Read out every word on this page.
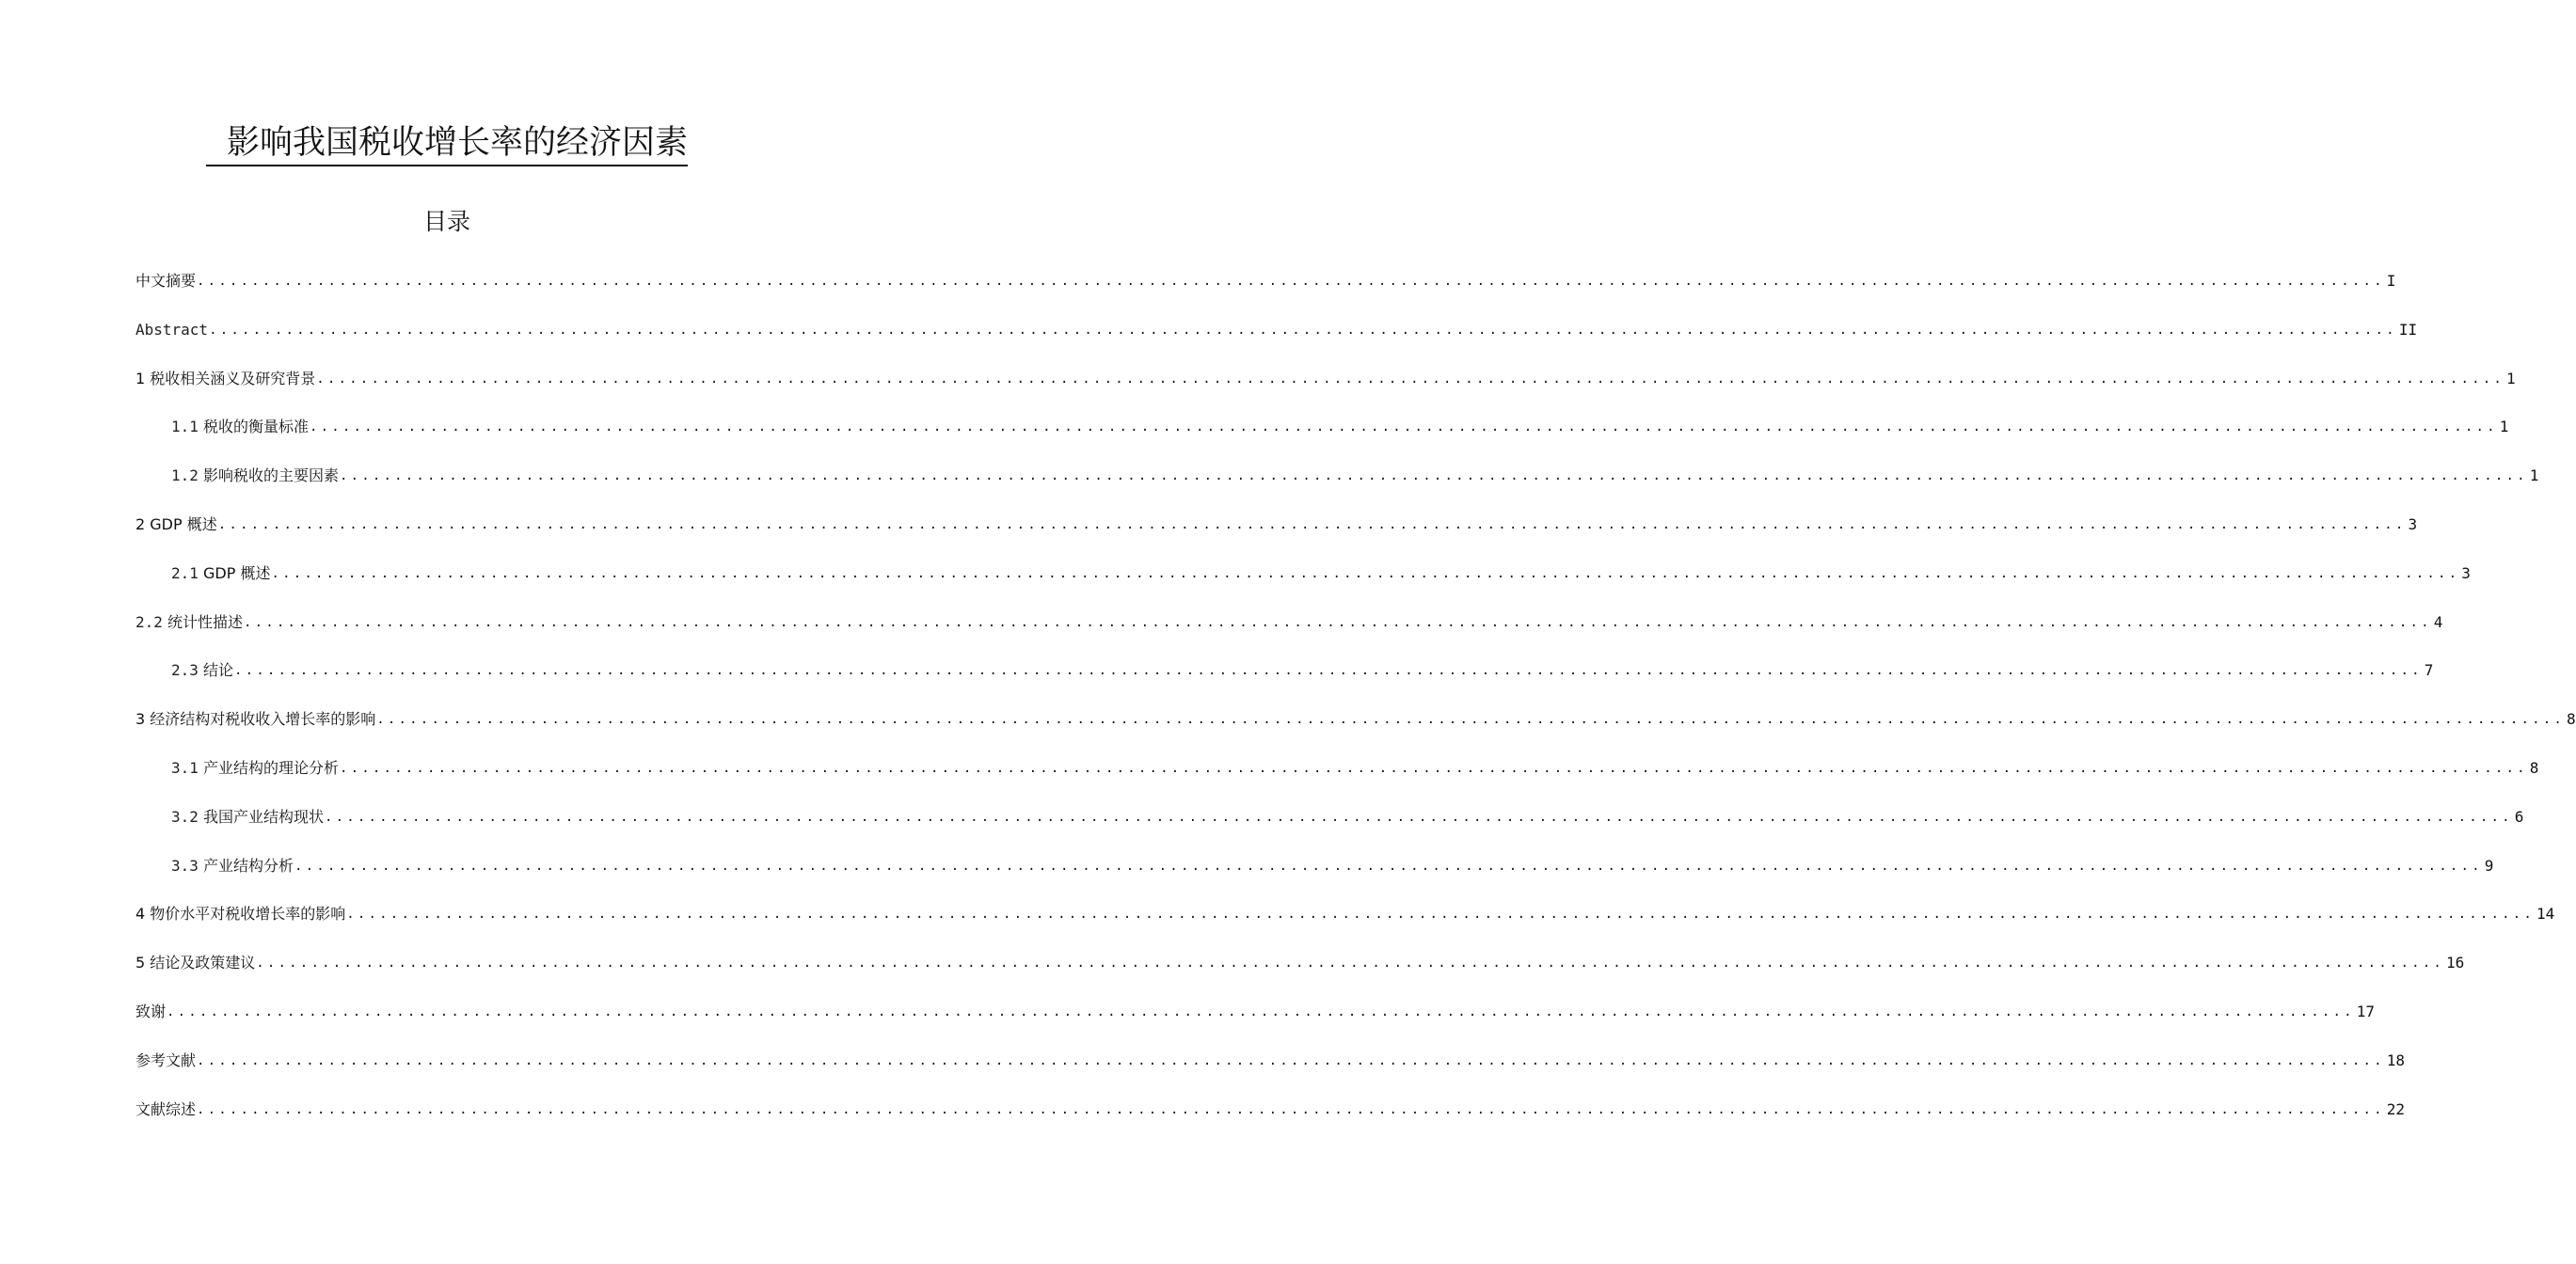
影响我国税收增长率的经济因素
目录
中文摘要 ........................................................................................................................................................................................................ I
Abstract ........................................................................................................................................................................................................ II
1 税收相关涵义及研究背景 ........................................................................................................................................................................................................ 1
1.1 税收的衡量标准 ........................................................................................................................................................................................................ 1
1.2 影响税收的主要因素 ........................................................................................................................................................................................................ 1
2 GDP 概述 ........................................................................................................................................................................................................ 3
2.1 GDP 概述 ........................................................................................................................................................................................................ 3
2.2 统计性描述 ........................................................................................................................................................................................................ 4
2.3 结论 ........................................................................................................................................................................................................ 7
3 经济结构对税收收入增长率的影响 ........................................................................................................................................................................................................ 8
3.1 产业结构的理论分析 ........................................................................................................................................................................................................ 8
3.2 我国产业结构现状 ........................................................................................................................................................................................................ 6
3.3 产业结构分析 ........................................................................................................................................................................................................ 9
4 物价水平对税收增长率的影响 ........................................................................................................................................................................................................ 14
5 结论及政策建议 ........................................................................................................................................................................................................ 16
致谢 ........................................................................................................................................................................................................ 17
参考文献 ........................................................................................................................................................................................................ 18
文献综述 ........................................................................................................................................................................................................ 22
